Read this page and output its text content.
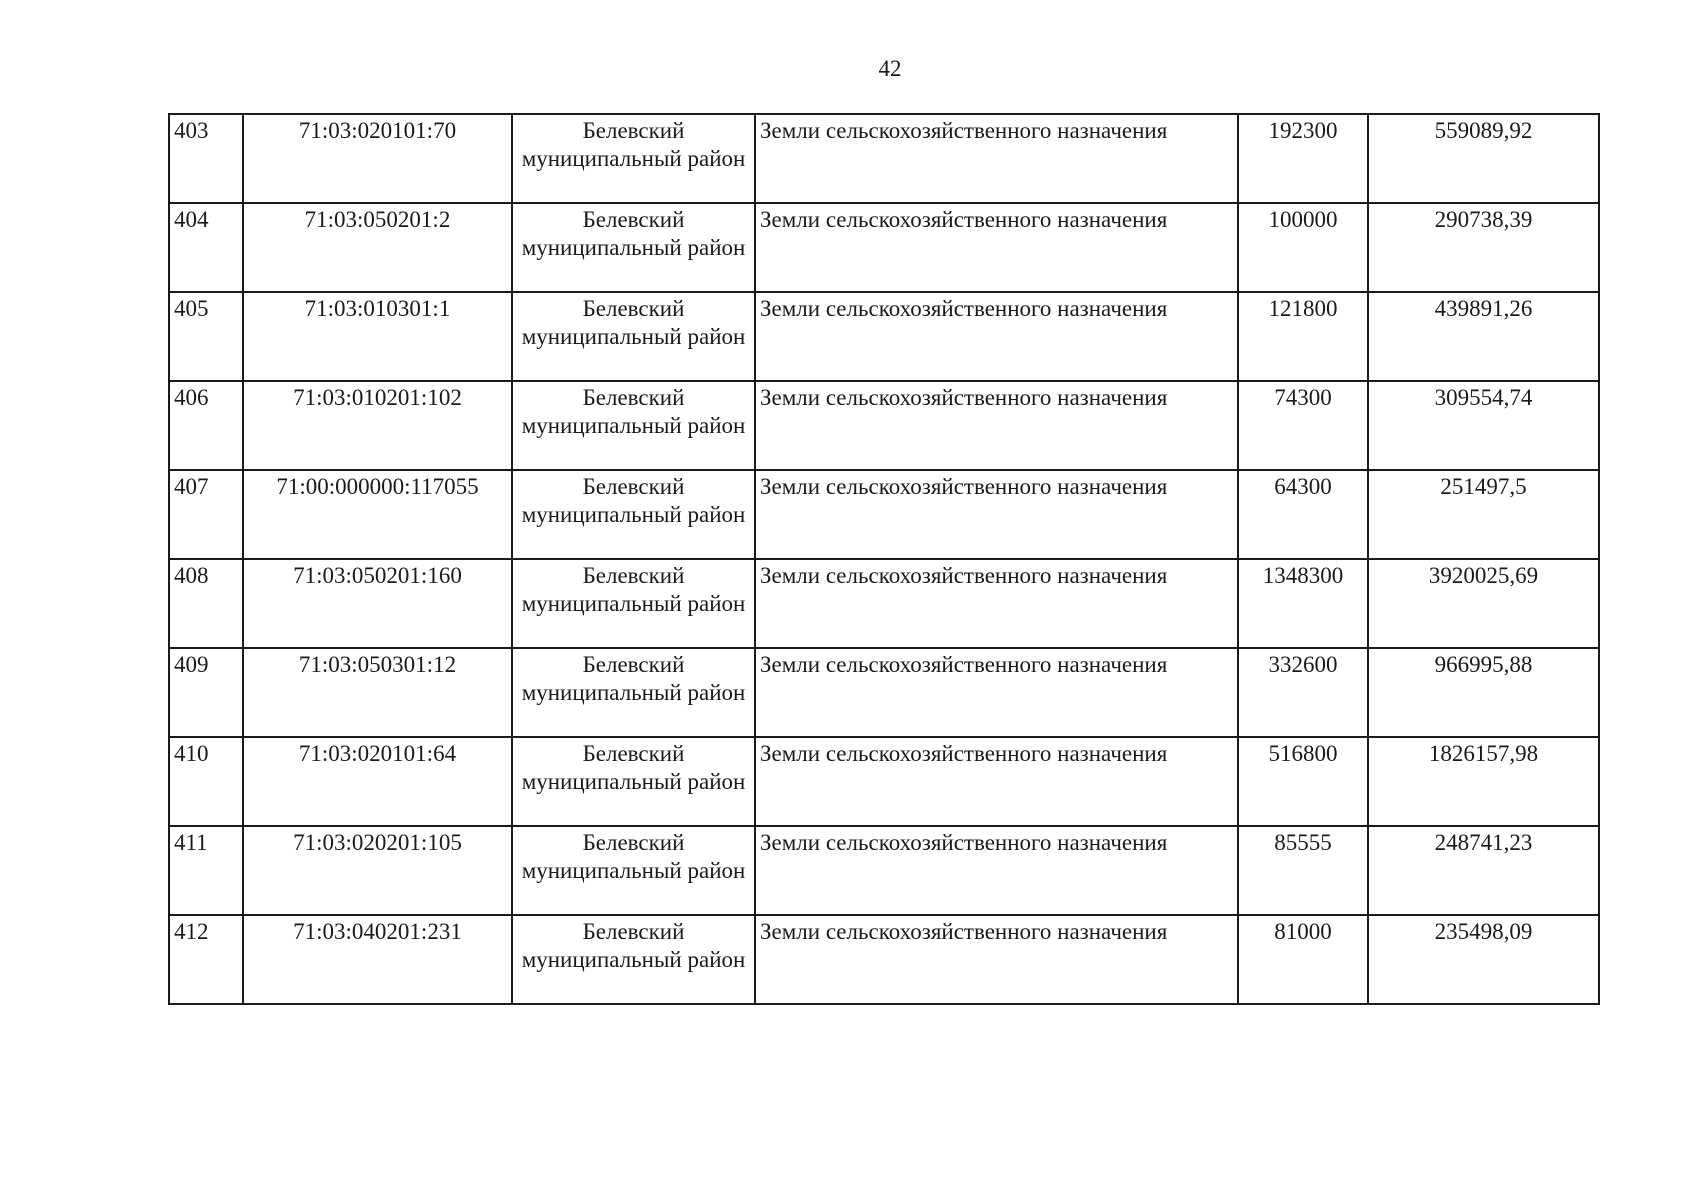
42
403	71:03:020101:70	Белевский муниципальный район	Земли сельскохозяйственного назначения	192300	559089,92
404	71:03:050201:2	Белевский муниципальный район	Земли сельскохозяйственного назначения	100000	290738,39
405	71:03:010301:1	Белевский муниципальный район	Земли сельскохозяйственного назначения	121800	439891,26
406	71:03:010201:102	Белевский муниципальный район	Земли сельскохозяйственного назначения	74300	309554,74
407	71:00:000000:117055	Белевский муниципальный район	Земли сельскохозяйственного назначения	64300	251497,5
408	71:03:050201:160	Белевский муниципальный район	Земли сельскохозяйственного назначения	1348300	3920025,69
409	71:03:050301:12	Белевский муниципальный район	Земли сельскохозяйственного назначения	332600	966995,88
410	71:03:020101:64	Белевский муниципальный район	Земли сельскохозяйственного назначения	516800	1826157,98
411	71:03:020201:105	Белевский муниципальный район	Земли сельскохозяйственного назначения	85555	248741,23
412	71:03:040201:231	Белевский муниципальный район	Земли сельскохозяйственного назначения	81000	235498,09
